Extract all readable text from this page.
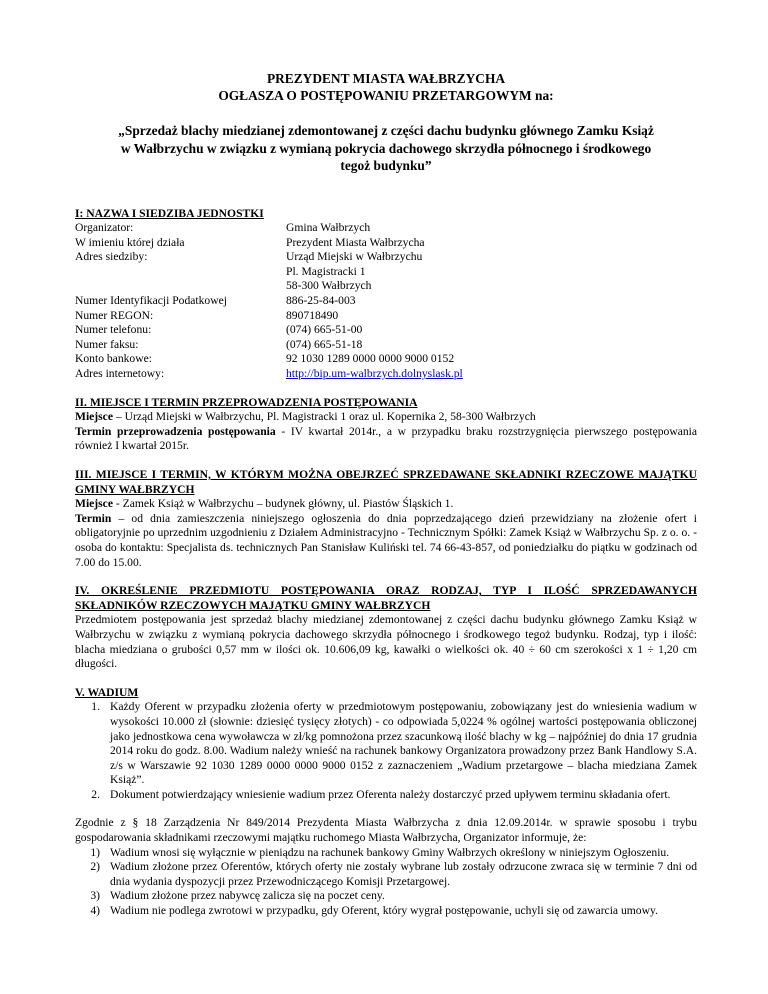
PREZYDENT MIASTA WAŁBRZYCHA
OGŁASZA O POSTĘPOWANIU PRZETARGOWYM na:
„Sprzedaż blachy miedzianej zdemontowanej z części dachu budynku głównego Zamku Książ
w Wałbrzychu w związku z wymianą pokrycia dachowego skrzydła północnego i środkowego
tegoż budynku”
I: NAZWA I SIEDZIBA JEDNOSTKI
Organizator:	Gmina Wałbrzych
W imieniu której działa	Prezydent Miasta Wałbrzycha
Adres siedziby:	Urząd Miejski w Wałbrzychu
Pl. Magistracki 1
58-300 Wałbrzych
Numer Identyfikacji Podatkowej	886-25-84-003
Numer REGON:	890718490
Numer telefonu:	(074) 665-51-00
Numer faksu:	(074) 665-51-18
Konto bankowe:	92 1030 1289 0000 0000 9000 0152
Adres internetowy:	http://bip.um-walbrzych.dolnyslask.pl
II. MIEJSCE I TERMIN PRZEPROWADZENIA POSTĘPOWANIA
Miejsce – Urząd Miejski w Wałbrzychu, Pl. Magistracki 1 oraz ul. Kopernika 2, 58-300 Wałbrzych
Termin przeprowadzenia postępowania - IV kwartał 2014r., a w przypadku braku rozstrzygnięcia pierwszego postępowania również I kwartał 2015r.
III. MIEJSCE I TERMIN, W KTÓRYM MOŻNA OBEJRZEĆ SPRZEDAWANE SKŁADNIKI RZECZOWE MAJĄTKU GMINY WAŁBRZYCH
Miejsce - Zamek Książ w Wałbrzychu – budynek główny, ul. Piastów Śląskich 1.
Termin – od dnia zamieszczenia niniejszego ogłoszenia do dnia poprzedzającego dzień przewidziany na złożenie ofert i obligatoryjnie po uprzednim uzgodnieniu z Działem Administracyjno - Technicznym Spółki: Zamek Książ w Wałbrzychu Sp. z o. o. - osoba do kontaktu: Specjalista ds. technicznych Pan Stanisław Kuliński tel. 74 66-43-857, od poniedziałku do piątku w godzinach od 7.00 do 15.00.
IV. OKREŚLENIE PRZEDMIOTU POSTĘPOWANIA ORAZ RODZAJ, TYP I ILOŚĆ SPRZEDAWANYCH SKŁADNIKÓW RZECZOWYCH MAJĄTKU GMINY WAŁBRZYCH
Przedmiotem postępowania jest sprzedaż blachy miedzianej zdemontowanej z części dachu budynku głównego Zamku Książ w Wałbrzychu w związku z wymianą pokrycia dachowego skrzydła północnego i środkowego tegoż budynku. Rodzaj, typ i ilość: blacha miedziana o grubości 0,57 mm w ilości ok. 10.606,09 kg, kawałki o wielkości ok. 40 ÷ 60 cm szerokości x 1 ÷ 1,20 cm długości.
V. WADIUM
1. Każdy Oferent w przypadku złożenia oferty w przedmiotowym postępowaniu, zobowiązany jest do wniesienia wadium w wysokości 10.000 zł (słownie: dziesięć tysięcy złotych) - co odpowiada 5,0224 % ogólnej wartości postępowania obliczonej jako jednostkowa cena wywoławcza w zł/kg pomnożona przez szacunkową ilość blachy w kg – najpóźniej do dnia 17 grudnia 2014 roku do godz. 8.00. Wadium należy wnieść na rachunek bankowy Organizatora prowadzony przez Bank Handlowy S.A. z/s w Warszawie 92 1030 1289 0000 0000 9000 0152 z zaznaczeniem „Wadium przetargowe – blacha miedziana Zamek Książ”.
2. Dokument potwierdzający wniesienie wadium przez Oferenta należy dostarczyć przed upływem terminu składania ofert.
Zgodnie z § 18 Zarządzenia Nr 849/2014 Prezydenta Miasta Wałbrzycha z dnia 12.09.2014r. w sprawie sposobu i trybu gospodarowania składnikami rzeczowymi majątku ruchomego Miasta Wałbrzycha, Organizator informuje, że:
1) Wadium wnosi się wyłącznie w pieniądzu na rachunek bankowy Gminy Wałbrzych określony w niniejszym Ogłoszeniu.
2) Wadium złożone przez Oferentów, których oferty nie zostały wybrane lub zostały odrzucone zwraca się w terminie 7 dni od dnia wydania dyspozycji przez Przewodniczącego Komisji Przetargowej.
3) Wadium złożone przez nabywcę zalicza się na poczet ceny.
4) Wadium nie podlega zwrotowi w przypadku, gdy Oferent, który wygrał postępowanie, uchyli się od zawarcia umowy.
